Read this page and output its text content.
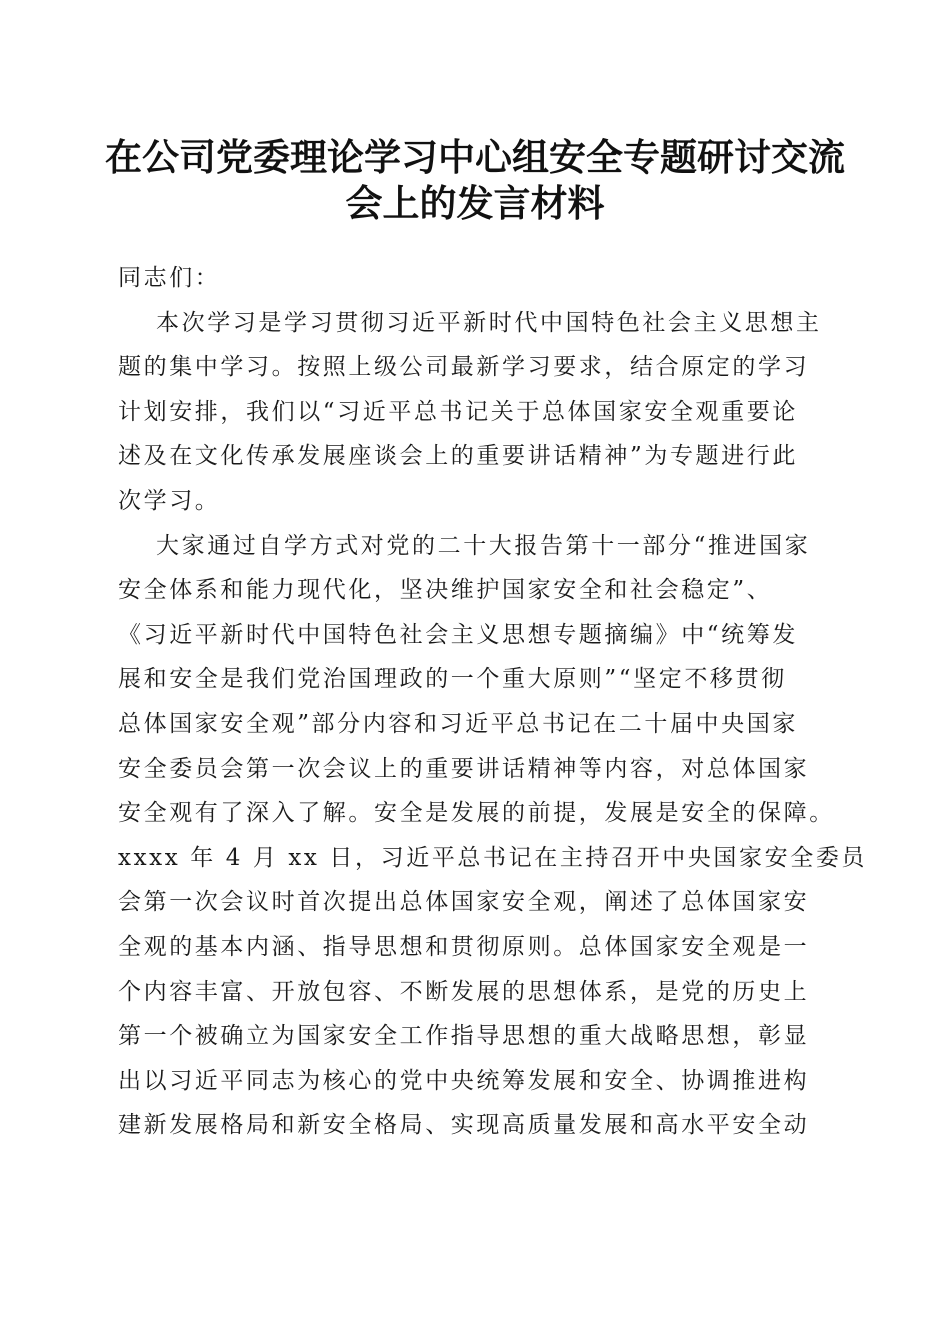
在公司党委理论学习中心组安全专题研讨交流
会上的发言材料
同志们：
本次学习是学习贯彻习近平新时代中国特色社会主义思想主
题的集中学习。按照上级公司最新学习要求，结合原定的学习
计划安排，我们以“习近平总书记关于总体国家安全观重要论
述及在文化传承发展座谈会上的重要讲话精神”为专题进行此
次学习。
大家通过自学方式对党的二十大报告第十一部分“推进国家
安全体系和能力现代化，坚决维护国家安全和社会稳定”、
《习近平新时代中国特色社会主义思想专题摘编》中“统筹发
展和安全是我们党治国理政的一个重大原则”“坚定不移贯彻
总体国家安全观”部分内容和习近平总书记在二十届中央国家
安全委员会第一次会议上的重要讲话精神等内容，对总体国家
安全观有了深入了解。安全是发展的前提，发展是安全的保障。
xxxx 年 4 月 xx 日，习近平总书记在主持召开中央国家安全委员
会第一次会议时首次提出总体国家安全观，阐述了总体国家安
全观的基本内涵、指导思想和贯彻原则。总体国家安全观是一
个内容丰富、开放包容、不断发展的思想体系，是党的历史上
第一个被确立为国家安全工作指导思想的重大战略思想，彰显
出以习近平同志为核心的党中央统筹发展和安全、协调推进构
建新发展格局和新安全格局、实现高质量发展和高水平安全动
